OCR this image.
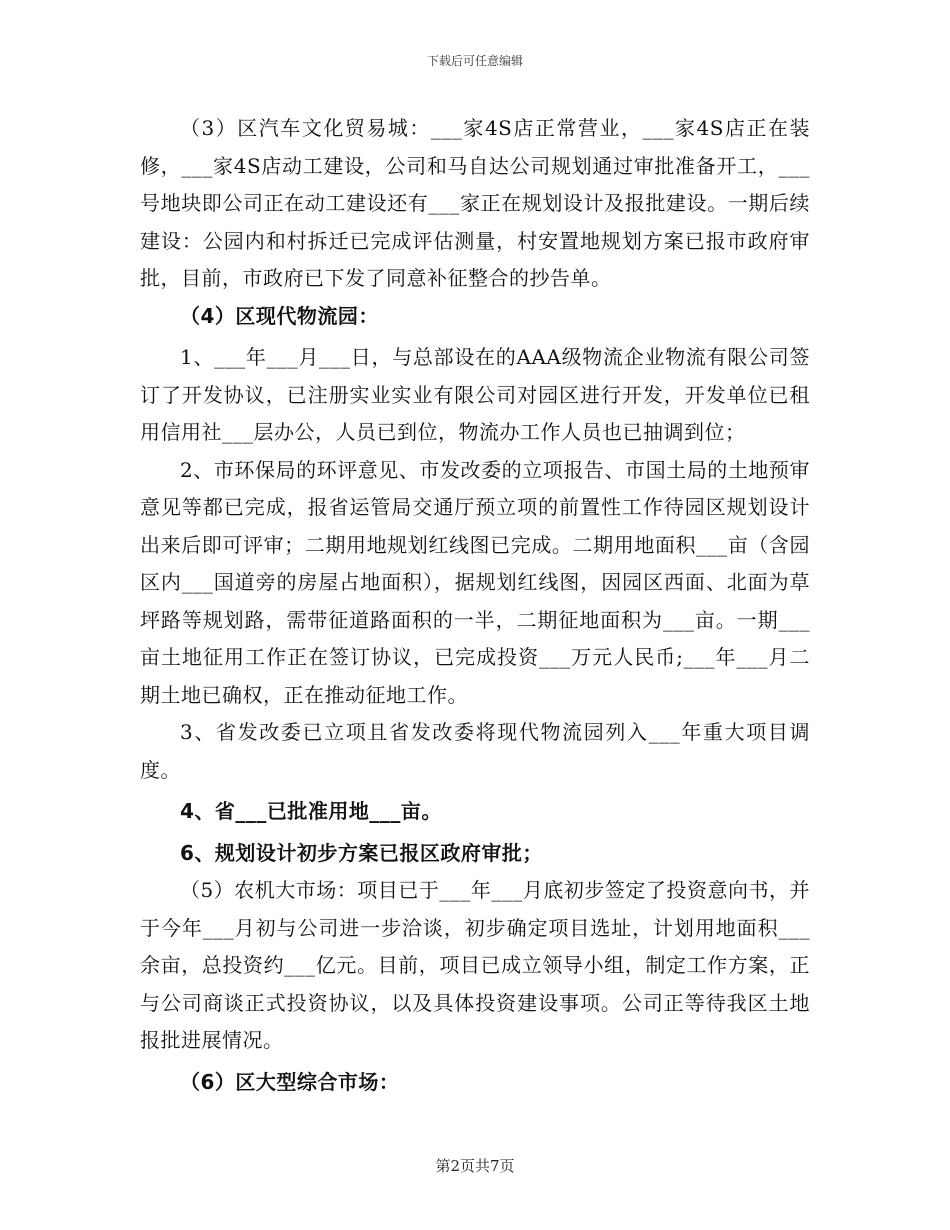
下载后可任意编辑

（3）区汽车文化贸易城：___家4S店正常营业，___家4S店正在装修，___家4S店动工建设，公司和马自达公司规划通过审批准备开工，___号地块即公司正在动工建设还有___家正在规划设计及报批建设。一期后续建设：公园内和村拆迁已完成评估测量，村安置地规划方案已报市政府审批，目前，市政府已下发了同意补征整合的抄告单。

（4）区现代物流园：

1、___年___月___日，与总部设在的AAA级物流企业物流有限公司签订了开发协议，已注册实业实业有限公司对园区进行开发，开发单位已租用信用社___层办公，人员已到位，物流办工作人员也已抽调到位；

2、市环保局的环评意见、市发改委的立项报告、市国土局的土地预审意见等都已完成，报省运管局交通厅预立项的前置性工作待园区规划设计出来后即可评审；二期用地规划红线图已完成。二期用地面积___亩（含园区内___国道旁的房屋占地面积），据规划红线图，因园区西面、北面为草坪路等规划路，需带征道路面积的一半，二期征地面积为___亩。一期___亩土地征用工作正在签订协议，已完成投资___万元人民币;___年___月二期土地已确权，正在推动征地工作。

3、省发改委已立项且省发改委将现代物流园列入___年重大项目调度。

4、省___已批准用地___亩。

6、规划设计初步方案已报区政府审批；

（5）农机大市场：项目已于___年___月底初步签定了投资意向书，并于今年___月初与公司进一步洽谈，初步确定项目选址，计划用地面积___余亩，总投资约___亿元。目前，项目已成立领导小组，制定工作方案，正与公司商谈正式投资协议，以及具体投资建设事项。公司正等待我区土地报批进展情况。

（6）区大型综合市场：

第2页共7页
